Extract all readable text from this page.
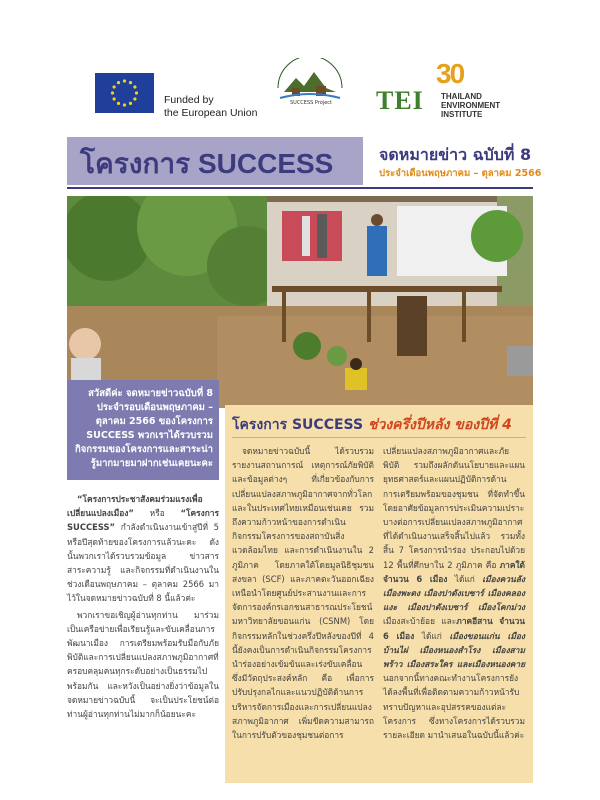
Funded by
the European Union
SUCCESS Project
30
TEI THAILAND
ENVIRONMENT
INSTITUTE
โครงการ SUCCESS	จดหมายข่าว ฉบับที่ 8
ประจำเดือนพฤษภาคม – ตุลาคม 2566

สวัสดีค่ะ จดหมายข่าวฉบับที่ 8 ประจำรอบเดือนพฤษภาคม – ตุลาคม 2566 ของโครงการ SUCCESS พวกเราได้รวบรวมกิจกรรมของโครงการและสาระน่ารู้มากมายมาฝากเช่นเคยนะคะ

“โครงการประชาสังคมร่วมแรงเพื่อเปลี่ยนแปลงเมือง” หรือ “โครงการ SUCCESS” กำลังดำเนินงานเข้าสู่ปีที่ 5 หรือปีสุดท้ายของโครงการแล้วนะคะ ดังนั้นพวกเราได้รวบรวมข้อมูล ข่าวสาร สาระความรู้ และกิจกรรมที่ดำเนินงานในช่วงเดือนพฤษภาคม – ตุลาคม 2566 มาไว้ในจดหมายข่าวฉบับที่ 8 นี้แล้วค่ะ

พวกเราขอเชิญผู้อ่านทุกท่าน มาร่วมเป็นเครือข่ายเพื่อเรียนรู้และขับเคลื่อนการพัฒนาเมือง การเตรียมพร้อมรับมือกับภัยพิบัติและการเปลี่ยนแปลงสภาพภูมิอากาศที่ครอบคลุมคนทุกระดับอย่างเป็นธรรมไปพร้อมกัน และหวังเป็นอย่างยิ่งว่าข้อมูลในจดหมายข่าวฉบับนี้ จะเป็นประโยชน์ต่อท่านผู้อ่านทุกท่านไม่มากก็น้อยนะคะ

โครงการ SUCCESS ช่วงครึ่งปีหลัง ของปีที่ 4

จดหมายข่าวฉบับนี้ ได้รวบรวมรายงานสถานการณ์ เหตุการณ์ภัยพิบัติ และข้อมูลต่างๆ ที่เกี่ยวข้องกับการเปลี่ยนแปลงสภาพภูมิอากาศจากทั่วโลกและในประเทศไทยเหมือนเช่นเคย รวมถึงความก้าวหน้าของการดำเนินกิจกรรมโครงการของสถาบันสิ่งแวดล้อมไทย และการดำเนินงานใน 2 ภูมิภาค โดยภาคใต้โดยมูลนิธิชุมชนสงขลา (SCF) และภาคตะวันออกเฉียงเหนือนำโดยศูนย์ประสานงานและการจัดการองค์กรเอกชนสาธารณประโยชน์มหาวิทยาลัยขอนแก่น (CSNM) โดยกิจกรรมหลักในช่วงครึ่งปีหลังของปีที่ 4 นี้ยังคงเป็นการดำเนินกิจกรรมโครงการนำร่องอย่างเข้มข้นและเร่งขับเคลื่อน ซึ่งมีวัตถุประสงค์หลัก คือ เพื่อการปรับปรุงกลไกและแนวปฏิบัติด้านการบริหารจัดการเมืองและการเปลี่ยนแปลงสภาพภูมิอากาศ เพิ่มขีดความสามารถในการปรับตัวของชุมชนต่อการ

เปลี่ยนแปลงสภาพภูมิอากาศและภัยพิบัติ รวมถึงผลักดันนโยบายและแผนยุทธศาสตร์และแผนปฏิบัติการด้านการเตรียมพร้อมของชุมชน ที่จัดทำขึ้นโดยอาศัยข้อมูลการประเมินความเปราะบางต่อการเปลี่ยนแปลงสภาพภูมิอากาศที่ได้ดำเนินงานเสร็จสิ้นไปแล้ว รวมทั้งสิ้น 7 โครงการนำร่อง ประกอบไปด้วย 12 พื้นที่ศึกษาใน 2 ภูมิภาค คือ ภาคใต้ จำนวน 6 เมือง ได้แก่ เมืองควนลัง เมืองพะตง เมืองปาดังเบซาร์ เมืองคลองแงะ เมืองปาดังเบซาร์ เมืองโคกม่วง เมืองสะบ้าย้อย และภาคอีสาน จำนวน 6 เมือง ได้แก่ เมืองขอนแก่น เมืองบ้านไผ่ เมืองหนองสำโรง เมืองสามพร้าว เมืองสระใคร และเมืองหนองคาย นอกจากนี้ทางคณะทำงานโครงการยังได้ลงพื้นที่เพื่อติดตามความก้าวหน้ารับทราบปัญหาและอุปสรรคของแต่ละโครงการ ซึ่งทางโครงการได้รวบรวมรายละเอียด มานำเสนอในฉบับนี้แล้วค่ะ
